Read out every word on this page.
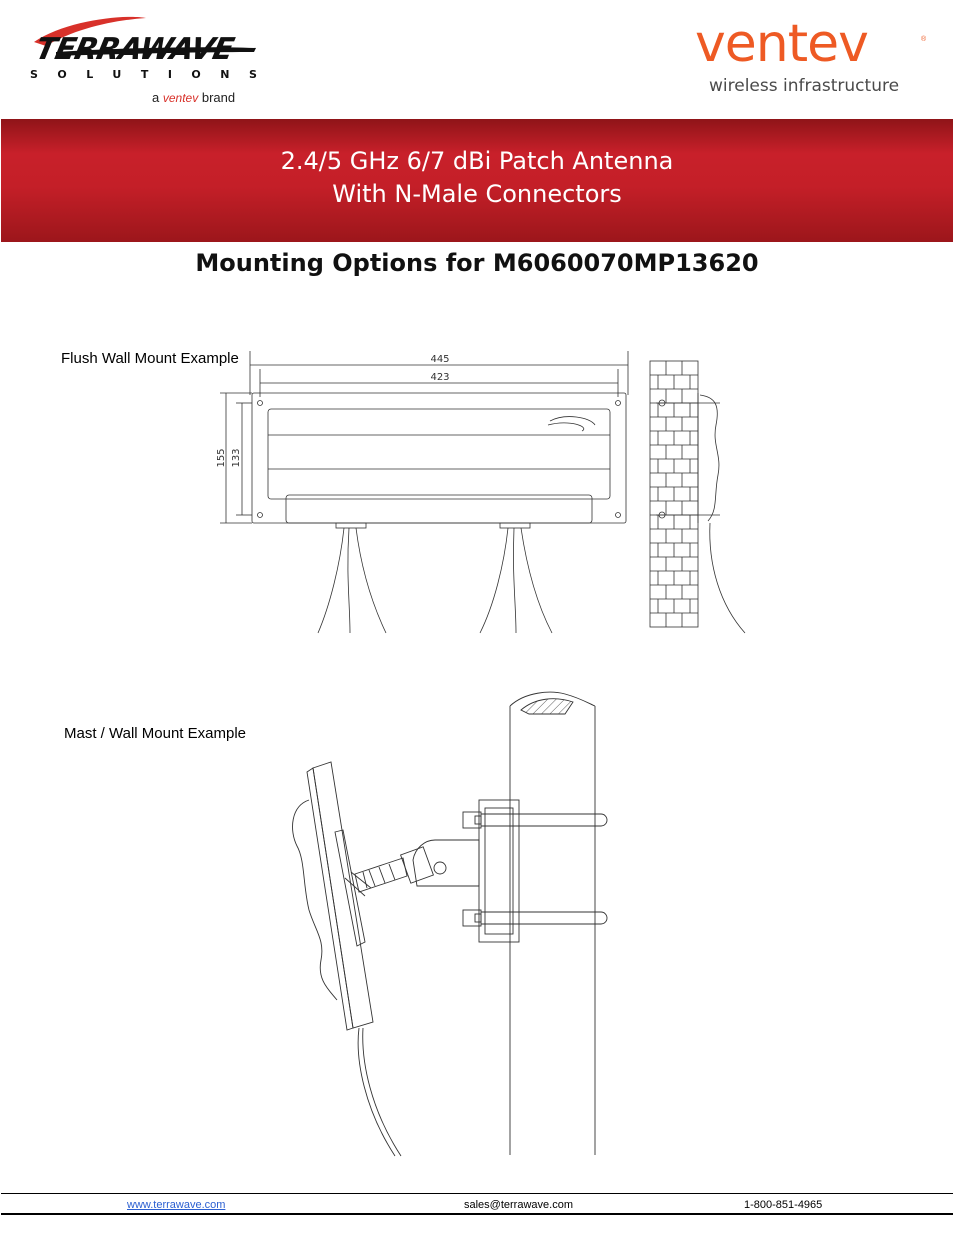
TERRAWAVE
SOLUTIONS
a ventev brand
ventev	®
wireless infrastructure
2.4/5 GHz 6/7 dBi Patch Antenna
With N-Male Connectors
Mounting Options for M6060070MP13620
Flush Wall Mount Example	445
423
155 133
Mast / Wall Mount Example
www.terrawave.com	sales@terrawave.com	1-800-851-4965
